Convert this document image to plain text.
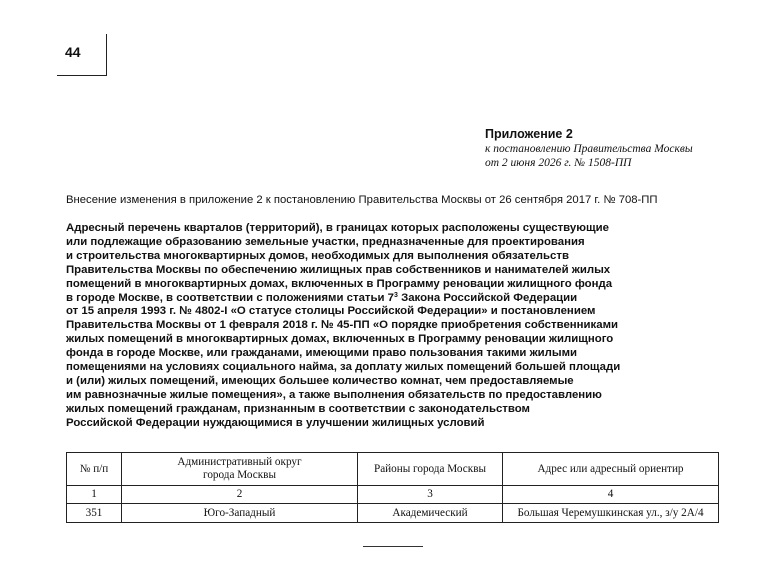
44
Приложение 2
к постановлению Правительства Москвы
от 2 июня 2026 г. № 1508-ПП
Внесение изменения в приложение 2 к постановлению Правительства Москвы от 26 сентября 2017 г. № 708-ПП
Адресный перечень кварталов (территорий), в границах которых расположены существующие
или подлежащие образованию земельные участки, предназначенные для проектирования
и строительства многоквартирных домов, необходимых для выполнения обязательств
Правительства Москвы по обеспечению жилищных прав собственников и нанимателей жилых
помещений в многоквартирных домах, включенных в Программу реновации жилищного фонда
в городе Москве, в соответствии с положениями статьи $7^3$ Закона Российской Федерации
от 15 апреля 1993 г. № 4802-I «О статусе столицы Российской Федерации» и постановлением
Правительства Москвы от 1 февраля 2018 г. № 45-ПП «О порядке приобретения собственниками
жилых помещений в многоквартирных домах, включенных в Программу реновации жилищного
фонда в городе Москве, или гражданами, имеющими право пользования такими жилыми
помещениями на условиях социального найма, за доплату жилых помещений большей площади
и (или) жилых помещений, имеющих большее количество комнат, чем предоставляемые
им равнозначные жилые помещения», а также выполнения обязательств по предоставлению
жилых помещений гражданам, признанным в соответствии с законодательством
Российской Федерации нуждающимися в улучшении жилищных условий
№ п/п	Административный округ
города Москвы	Районы города Москвы	Адрес или адресный ориентир
1	2	3	4
351	Юго-Западный	Академический	Большая Черемушкинская ул., з/у 2А/4
